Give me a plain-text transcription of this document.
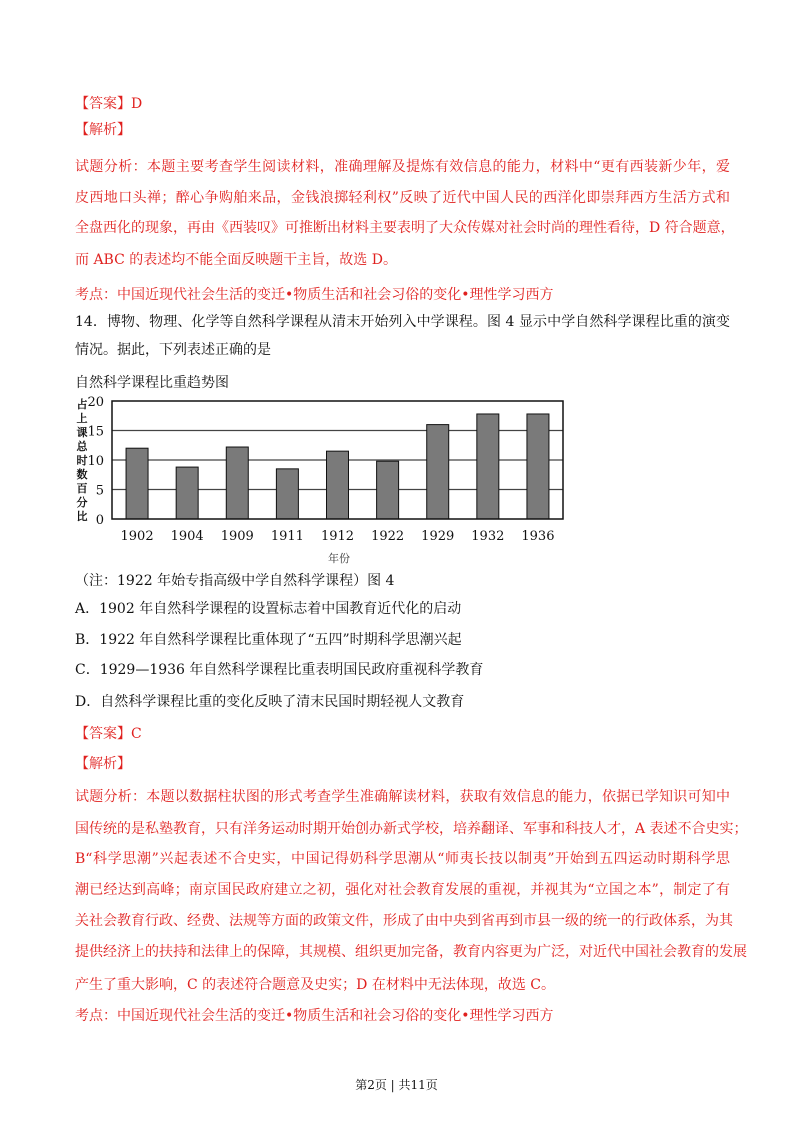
【答案】D
【解析】
试题分析：本题主要考查学生阅读材料，准确理解及提炼有效信息的能力，材料中“更有西装新少年，爱
皮西地口头禅；醉心争购舶来品，金钱浪掷轻利权”反映了近代中国人民的西洋化即崇拜西方生活方式和
全盘西化的现象，再由《西装叹》可推断出材料主要表明了大众传媒对社会时尚的理性看待，D 符合题意，
而 ABC 的表述均不能全面反映题干主旨，故选 D。
考点：中国近现代社会生活的变迁•物质生活和社会习俗的变化•理性学习西方
14．博物、物理、化学等自然科学课程从清末开始列入中学课程。图 4 显示中学自然科学课程比重的演变
情况。据此，下列表述正确的是
自然科学课程比重趋势图
占
上
课
总
时
数
百
分
比
1902 1904 1909 1911 1912 1922 1929 1932 1936
0
5
10
15
20
年份
（注：1922 年始专指高级中学自然科学课程）图 4
A．1902 年自然科学课程的设置标志着中国教育近代化的启动
B．1922 年自然科学课程比重体现了“五四”时期科学思潮兴起
C．1929—1936 年自然科学课程比重表明国民政府重视科学教育
D．自然科学课程比重的变化反映了清末民国时期轻视人文教育
【答案】C
【解析】
试题分析：本题以数据柱状图的形式考查学生准确解读材料，获取有效信息的能力，依据已学知识可知中
国传统的是私塾教育，只有洋务运动时期开始创办新式学校，培养翻译、军事和科技人才，A 表述不合史实；
B“科学思潮”兴起表述不合史实，中国记得奶科学思潮从“师夷长技以制夷”开始到五四运动时期科学思
潮已经达到高峰；南京国民政府建立之初，强化对社会教育发展的重视，并视其为“立国之本”，制定了有
关社会教育行政、经费、法规等方面的政策文件，形成了由中央到省再到市县一级的统一的行政体系，为其
提供经济上的扶持和法律上的保障，其规模、组织更加完备，教育内容更为广泛，对近代中国社会教育的发展
产生了重大影响，C 的表述符合题意及史实；D 在材料中无法体现，故选 C。
考点：中国近现代社会生活的变迁•物质生活和社会习俗的变化•理性学习西方
第2页 | 共11页
